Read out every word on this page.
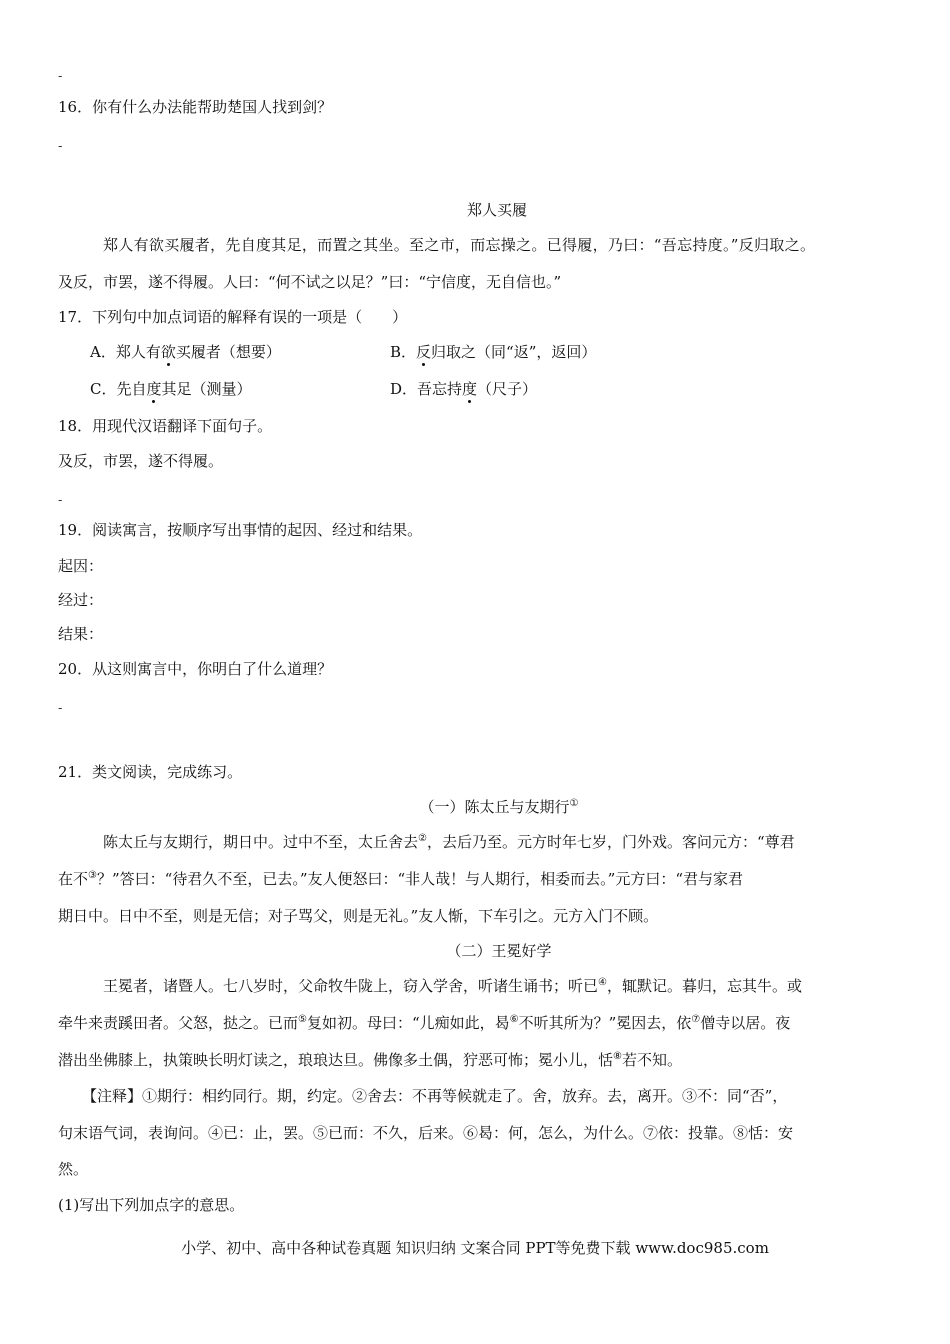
-
16．你有什么办法能帮助楚国人找到剑？
-
郑人买履
郑人有欲买履者，先自度其足，而置之其坐。至之市，而忘操之。已得履，乃曰：“吾忘持度。”反归取之。
及反，市罢，遂不得履。人曰：“何不试之以足？”曰：“宁信度，无自信也。”
17．下列句中加点词语的解释有误的一项是（　　）
A．郑人有欲买履者（想要）	B．反归取之（同“返”，返回）
C．先自度其足（测量）	D．吾忘持度（尺子）
18．用现代汉语翻译下面句子。
及反，市罢，遂不得履。
-
19．阅读寓言，按顺序写出事情的起因、经过和结果。
起因：
经过：
结果：
20．从这则寓言中，你明白了什么道理？
-
21．类文阅读，完成练习。
（一）陈太丘与友期行①
陈太丘与友期行，期日中。过中不至，太丘舍去②，去后乃至。元方时年七岁，门外戏。客问元方：“尊君
在不③？”答曰：“待君久不至，已去。”友人便怒曰：“非人哉！与人期行，相委而去。”元方曰：“君与家君
期日中。日中不至，则是无信；对子骂父，则是无礼。”友人惭，下车引之。元方入门不顾。
（二）王冕好学
王冕者，诸暨人。七八岁时，父命牧牛陇上，窃入学舍，听诸生诵书；听已④，辄默记。暮归，忘其牛。或
牵牛来责蹊田者。父怒，挞之。已而⑤复如初。母曰：“儿痴如此，曷⑥不听其所为？”冕因去，依⑦僧寺以居。夜
潜出坐佛膝上，执策映长明灯读之，琅琅达旦。佛像多土偶，狞恶可怖；冕小儿，恬⑧若不知。
【注释】①期行：相约同行。期，约定。②舍去：不再等候就走了。舍，放弃。去，离开。③不：同“否”，
句末语气词，表询问。④已：止，罢。⑤已而：不久，后来。⑥曷：何，怎么，为什么。⑦依：投靠。⑧恬：安
然。
(1)写出下列加点字的意思。
小学、初中、高中各种试卷真题 知识归纳 文案合同 PPT等免费下载 www.doc985.com
